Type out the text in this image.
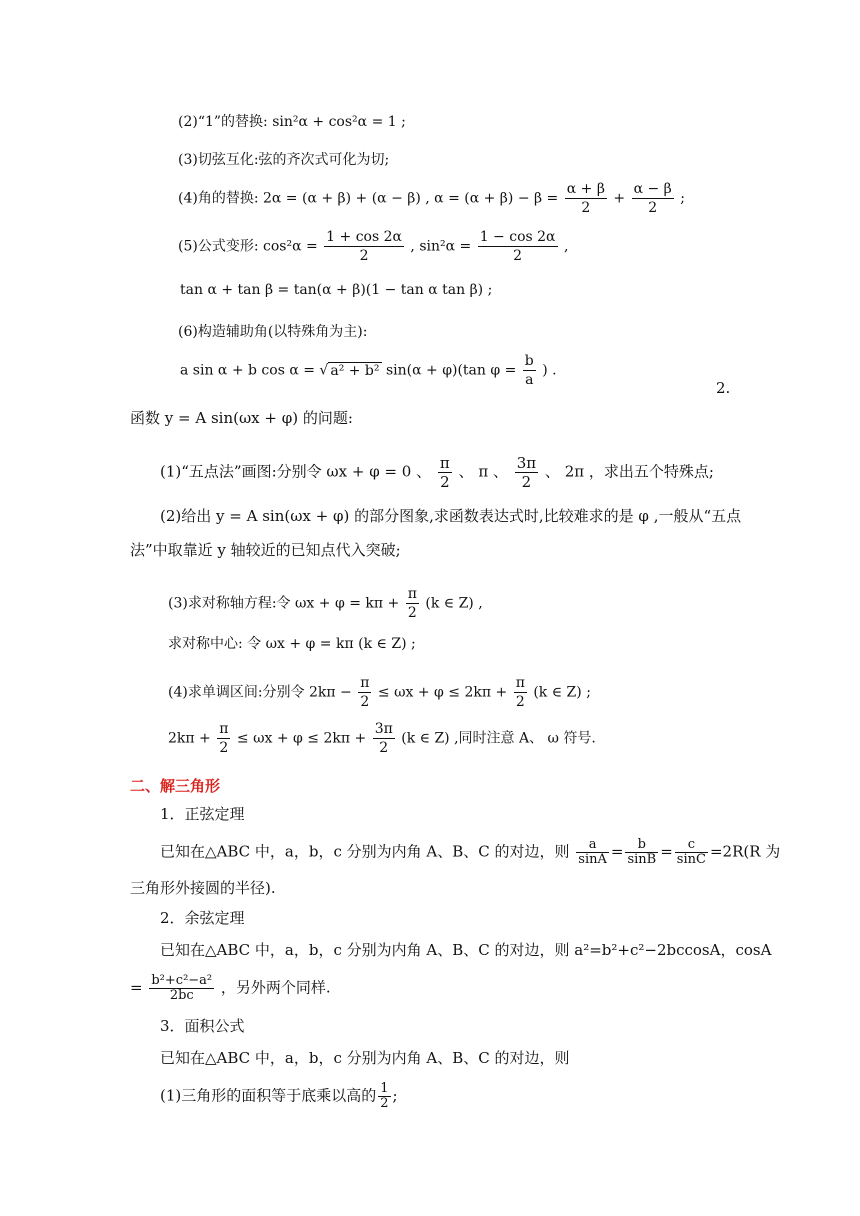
(2)“1”的替换: sin²α + cos²α = 1 ;
(3)切弦互化:弦的齐次式可化为切;
(4)角的替换: 2α = (α + β) + (α − β) , $\alpha = (\alpha + \beta) - \beta = \frac{\alpha + \beta}{2} + \frac{\alpha - \beta}{2}$ ;
(5)公式变形: $\cos^2\alpha = \frac{1 + \cos 2\alpha}{2}$ , $\sin^2\alpha = \frac{1 - \cos 2\alpha}{2}$ ,
tan α + tan β = tan(α + β)(1 − tan α tan β) ;
(6)构造辅助角(以特殊角为主):
a sin α + b cos α = √ a² + b² sin(α + φ)(tan $\varphi = \frac{b}{a}$ ) .
2.
函数 y = A sin(ωx + φ) 的问题:
(1)“五点法”画图:分别令 ωx + φ = 0 、 $\frac{\pi}{2}$ 、 π 、 $\frac{3\pi}{2}$ 、 2π ，求出五个特殊点;
(2)给出 y = A sin(ωx + φ) 的部分图象,求函数表达式时,比较难求的是 φ ,一般从“五点
法”中取靠近 y 轴较近的已知点代入突破;
(3)求对称轴方程:令 $\omega x + \varphi = k\pi + \frac{\pi}{2} (k$ ∈ Z) ,
求对称中心: 令 ωx + φ = kπ (k ∈ Z) ;
(4)求单调区间:分别令 $2k\pi - \frac{\pi}{2} \le \omega x + \varphi \le 2k\pi + \frac{\pi}{2} (k$ ∈ Z) ;
$2k\pi + \frac{\pi}{2} \le \omega x + \varphi \le 2k\pi + \frac{3\pi}{2} (k$ ∈ Z) ,同时注意 A、 ω 符号.
二、解三角形
1．正弦定理
已知在△ABC 中，a，b，c 分别为内角 A、B、C 的对边，则 $\frac{a}{\sin A} = \frac{b}{\sin B} = \frac{c}{\sin C} =2R(R$ 为
三角形外接圆的半径).
2．余弦定理
已知在△ABC 中，a，b，c 分别为内角 A、B、C 的对边，则 a²=b²+c²−2bccosA，cosA
= $\frac{\text{b²+c²−a²}}{2bc}$ ，另外两个同样.
3．面积公式
已知在△ABC 中，a，b，c 分别为内角 A、B、C 的对边，则
(1)三角形的面积等于底乘以高的 $\frac{1}{2}$ ;
